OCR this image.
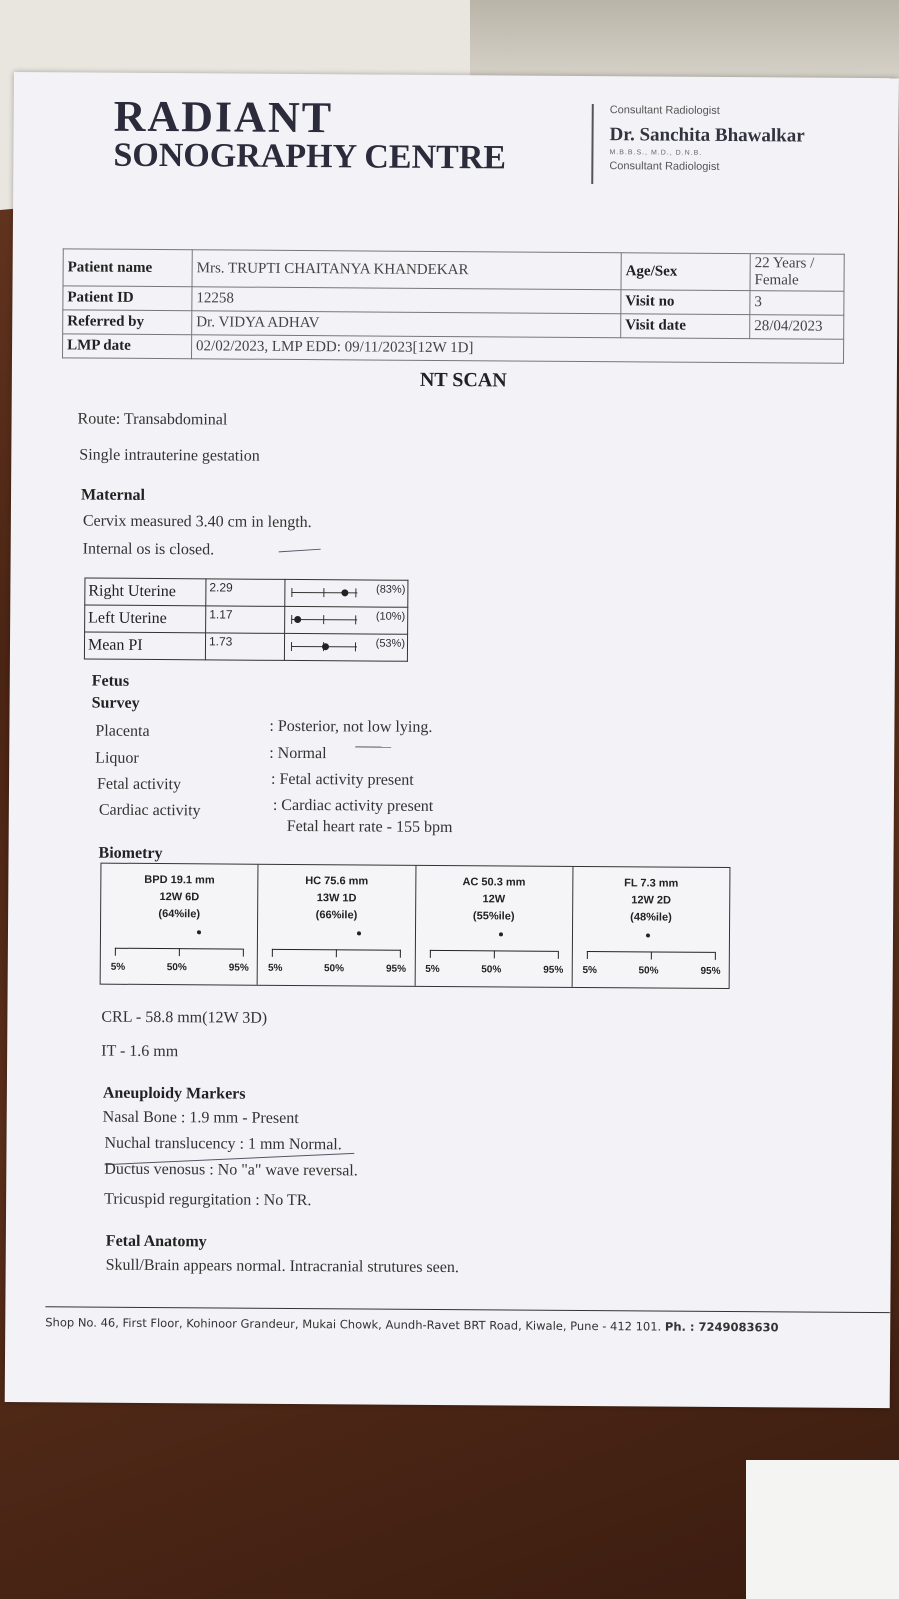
RADIANT
SONOGRAPHY CENTRE
Consultant Radiologist
Dr. Sanchita Bhawalkar
M.B.B.S., M.D., D.N.B.
Consultant Radiologist
Patient name	Mrs. TRUPTI CHAITANYA KHANDEKAR	Age/Sex	22 Years / Female
Patient ID	12258	Visit no	3
Referred by	Dr. VIDYA ADHAV	Visit date	28/04/2023
LMP date	02/02/2023, LMP EDD: 09/11/2023[12W 1D]		
NT SCAN
Route: Transabdominal
Single intrauterine gestation
Maternal
Cervix measured 3.40 cm in length.
Internal os is closed.
Right Uterine	2.29	(83%)

Left Uterine	1.17	(10%)

Mean PI	1.73	(53%)
Fetus
Survey
Placenta	: Posterior, not low lying.
Liquor	: Normal
Fetal activity	: Fetal activity present
Cardiac activity	: Cardiac activity present
Fetal heart rate - 155 bpm
Biometry
BPD 19.1 mm
12W 6D
(64%ile)
5%	50%	95%
HC 75.6 mm
13W 1D
(66%ile)
5%	50%	95%
AC 50.3 mm
12W
(55%ile)
5%	50%	95%
FL 7.3 mm
12W 2D
(48%ile)
5%	50%	95%
CRL - 58.8 mm(12W 3D)
IT - 1.6 mm
Aneuploidy Markers
Nasal Bone : 1.9 mm - Present
Nuchal translucency : 1 mm Normal.
Ductus venosus : No "a" wave reversal.
Tricuspid regurgitation : No TR.
Fetal Anatomy
Skull/Brain appears normal. Intracranial strutures seen.
Shop No. 46, First Floor, Kohinoor Grandeur, Mukai Chowk, Aundh-Ravet BRT Road, Kiwale, Pune - 412 101. Ph. : 7249083630
